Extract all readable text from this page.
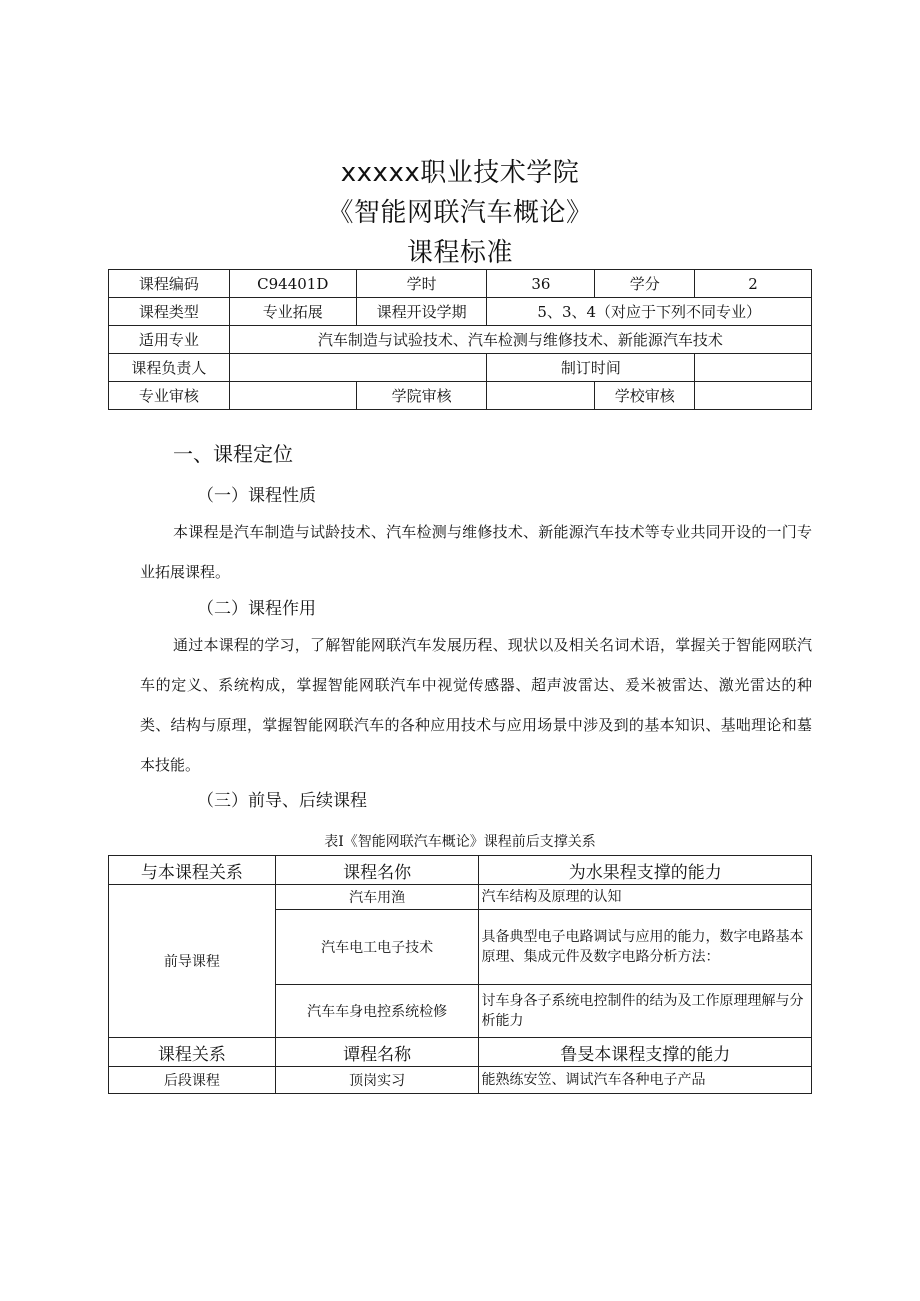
xxxxx职业技术学院
《智能网联汽车概论》
课程标准
课程编码	C94401D	学时	36	学分	2
课程类型	专业拓展	课程开设学期	5、3、4（对应于下列不同专业）		
适用专业	汽车制造与试验技术、汽车检测与维修技术、新能源汽车技术				
课程负责人			制订时间		
专业审核		学院审核		学校审核	
一、课程定位
（一）课程性质
本课程是汽车制造与试龄技术、汽车检测与维修技术、新能源汽车技术等专业共同开设的一门专业拓展课程。
（二）课程作用
通过本课程的学习，了解智能网联汽车发展历程、现状以及相关名词术语，掌握关于智能网联汽车的定义、系统构成，掌握智能网联汽车中视觉传感器、超声波雷达、爰米被雷达、激光雷达的种类、结构与原理，掌握智能网联汽车的各种应用技术与应用场景中涉及到的基本知识、基咄理论和墓本技能。
（三）前导、后续课程
表I《智能网联汽车概论》课程前后支撑关系
与本课程关系	课程名你	为水果程支撑的能力
前导课程	汽车用渔	汽车结构及原理的认知
	汽车电工电子技术	具备典型电子电路调试与应用的能力，数字电路基本原理、集成元件及数字电路分析方法：
	汽车车身电控系统检修	讨车身各子系统电控制件的结为及工作原理理解与分析能力
课程关系	谭程名称	鲁旻本课程支撑的能力
后段课程	顶岗实习	能熟练安笠、调试汽车各种电子产品
